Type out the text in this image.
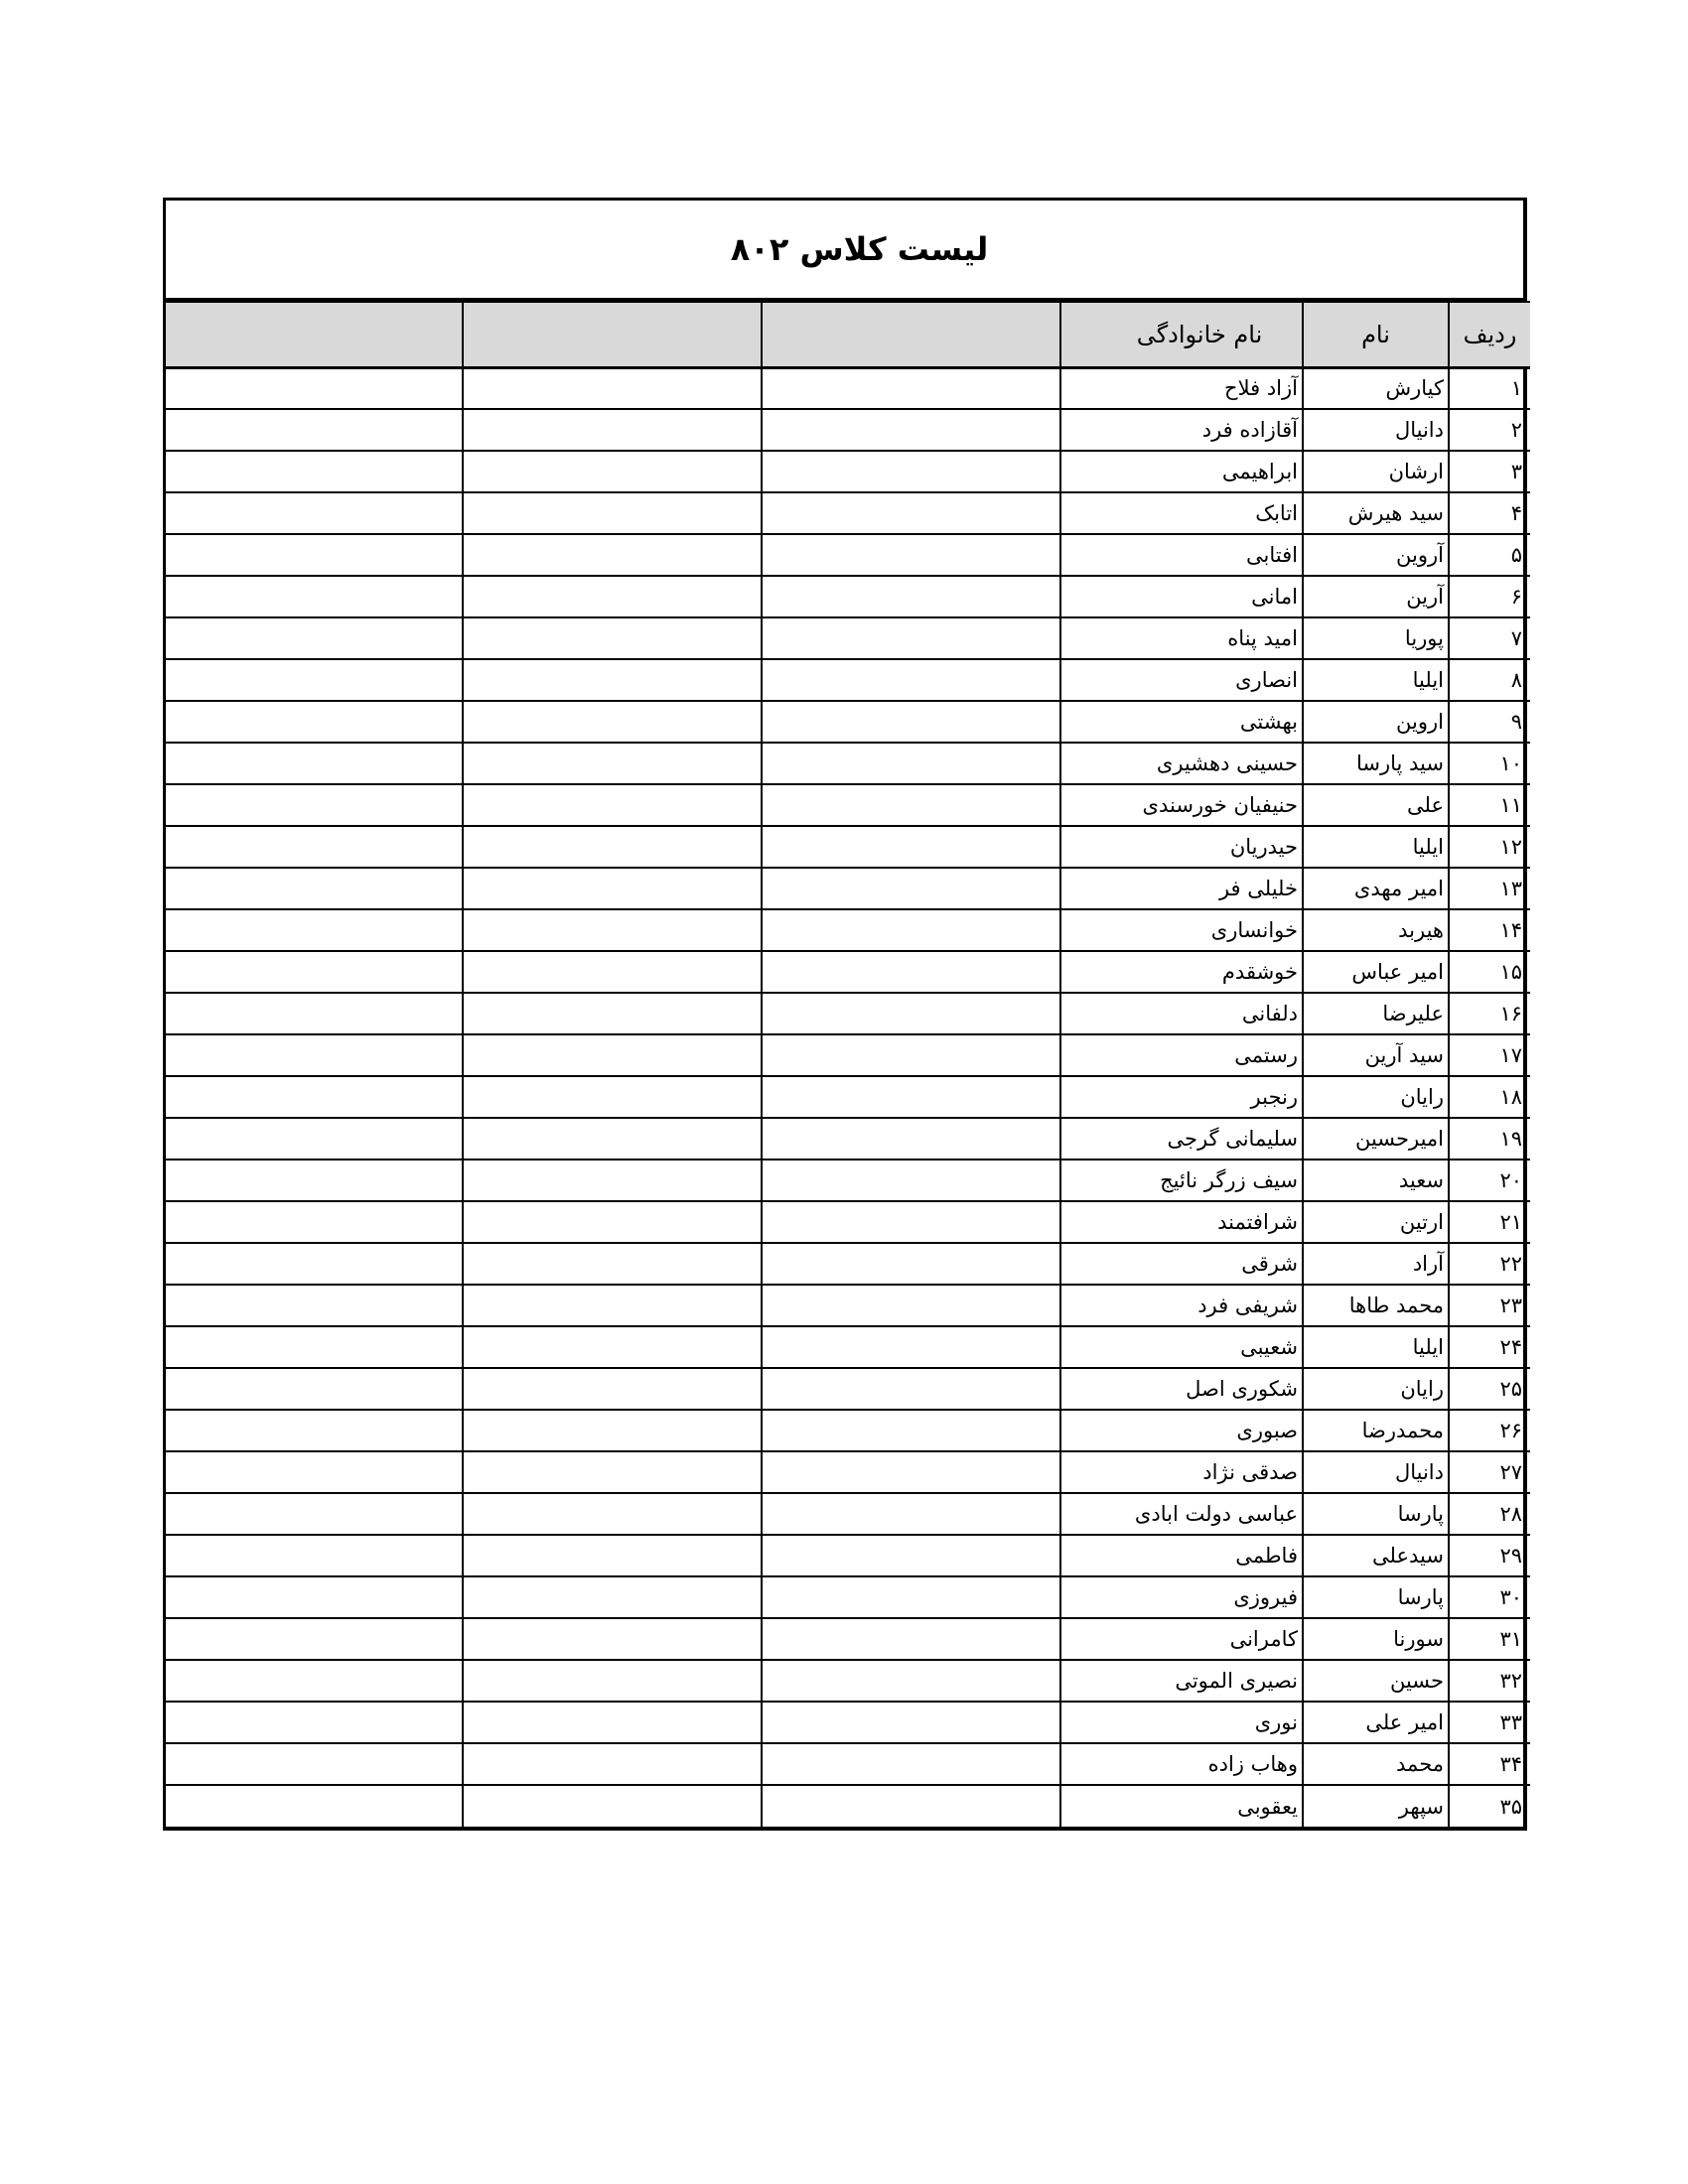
لیست کلاس ۸۰۲
ردیف	نام	نام خانوادگی			
۱	کیارش	آزاد فلاح			
۲	دانیال	آقازاده فرد			
۳	ارشان	ابراهیمی			
۴	سید هیرش	اتابک			
۵	آروین	افتابی			
۶	آرین	امانی			
۷	پوریا	امید پناه			
۸	ایلیا	انصاری			
۹	اروین	بهشتی			
۱۰	سید پارسا	حسینی دهشیری			
۱۱	علی	حنیفیان خورسندی			
۱۲	ایلیا	حیدریان			
۱۳	امیر مهدی	خلیلی فر			
۱۴	هیربد	خوانساری			
۱۵	امیر عباس	خوشقدم			
۱۶	علیرضا	دلفانی			
۱۷	سید آرین	رستمی			
۱۸	رایان	رنجبر			
۱۹	امیرحسین	سلیمانی گرجی			
۲۰	سعید	سیف زرگر نائیج			
۲۱	ارتین	شرافتمند			
۲۲	آراد	شرقی			
۲۳	محمد طاها	شریفی فرد			
۲۴	ایلیا	شعیبی			
۲۵	رایان	شکوری اصل			
۲۶	محمدرضا	صبوری			
۲۷	دانیال	صدقی نژاد			
۲۸	پارسا	عباسی دولت ابادی			
۲۹	سیدعلی	فاطمی			
۳۰	پارسا	فیروزی			
۳۱	سورنا	کامرانی			
۳۲	حسین	نصیری الموتی			
۳۳	امیر علی	نوری			
۳۴	محمد	وهاب زاده			
۳۵	سپهر	یعقوبی			
